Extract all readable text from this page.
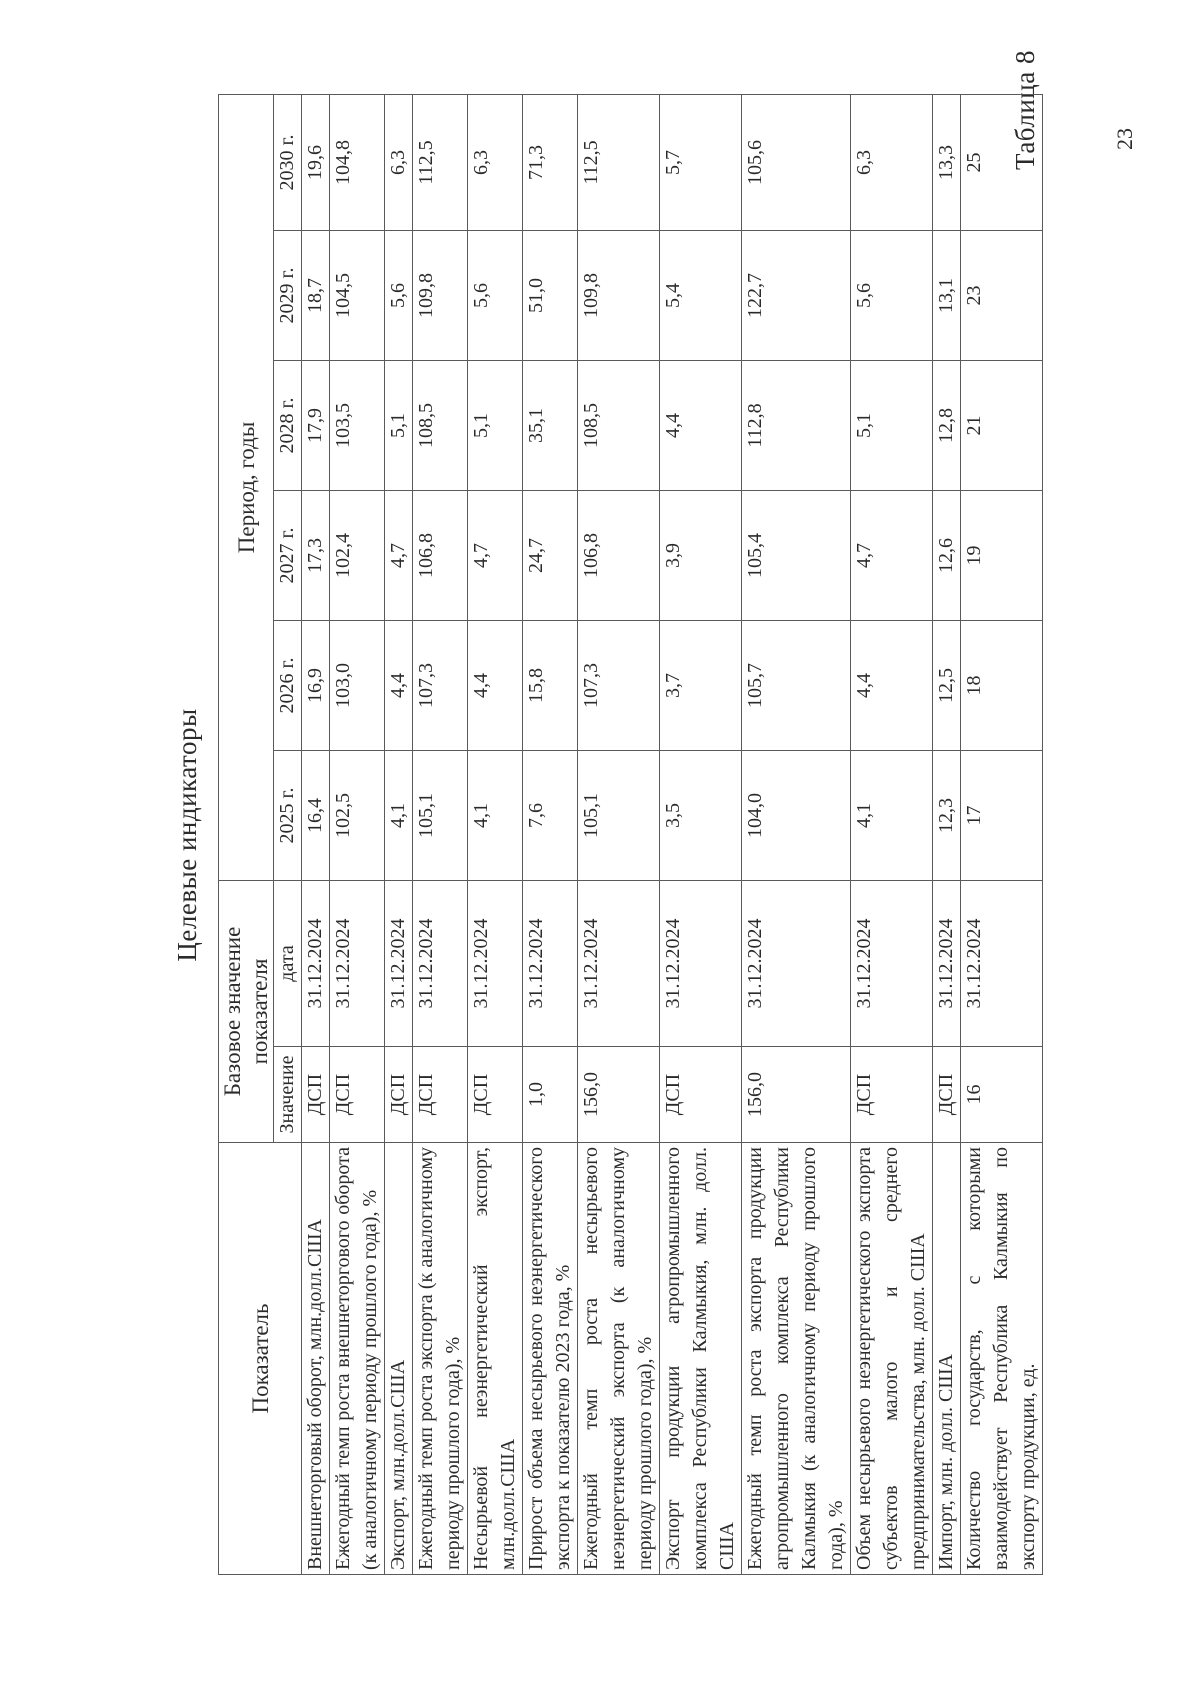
Таблица 8	23
Целевые индикаторы
Показатель	Базовое значение показателя		Период, годы					
	Значение	дата	2025 г.	2026 г.	2027 г.	2028 г.	2029 г.	2030 г.
Внешнеторговый оборот, млн.долл.США	ДСП	31.12.2024	16,4	16,9	17,3	17,9	18,7	19,6
Ежегодный темп роста внешнеторгового оборота (к аналогичному периоду прошлого года), %	ДСП	31.12.2024	102,5	103,0	102,4	103,5	104,5	104,8
Экспорт, млн.долл.США	ДСП	31.12.2024	4,1	4,4	4,7	5,1	5,6	6,3
Ежегодный темп роста экспорта (к аналогичному периоду прошлого года), %	ДСП	31.12.2024	105,1	107,3	106,8	108,5	109,8	112,5
Несырьевой неэнергетический экспорт, млн.долл.США	ДСП	31.12.2024	4,1	4,4	4,7	5,1	5,6	6,3
Прирост объема несырьевого неэнергетического экспорта к показателю 2023 года, %	1,0	31.12.2024	7,6	15,8	24,7	35,1	51,0	71,3
Ежегодный темп роста несырьевого неэнергетический экспорта (к аналогичному периоду прошлого года), %	156,0	31.12.2024	105,1	107,3	106,8	108,5	109,8	112,5
Экспорт продукции агропромышленного комплекса Республики Калмыкия, млн. долл. США	ДСП	31.12.2024	3,5	3,7	3,9	4,4	5,4	5,7
Ежегодный темп роста экспорта продукции агропромышленного комплекса Республики Калмыкия (к аналогичному периоду прошлого года), %	156,0	31.12.2024	104,0	105,7	105,4	112,8	122,7	105,6
Объем несырьевого неэнергетического экспорта субъектов малого и среднего предпринимательства, млн. долл. США	ДСП	31.12.2024	4,1	4,4	4,7	5,1	5,6	6,3
Импорт, млн. долл. США	ДСП	31.12.2024	12,3	12,5	12,6	12,8	13,1	13,3
Количество государств, с которыми взаимодействует Республика Калмыкия по экспорту продукции, ед.	16	31.12.2024	17	18	19	21	23	25
